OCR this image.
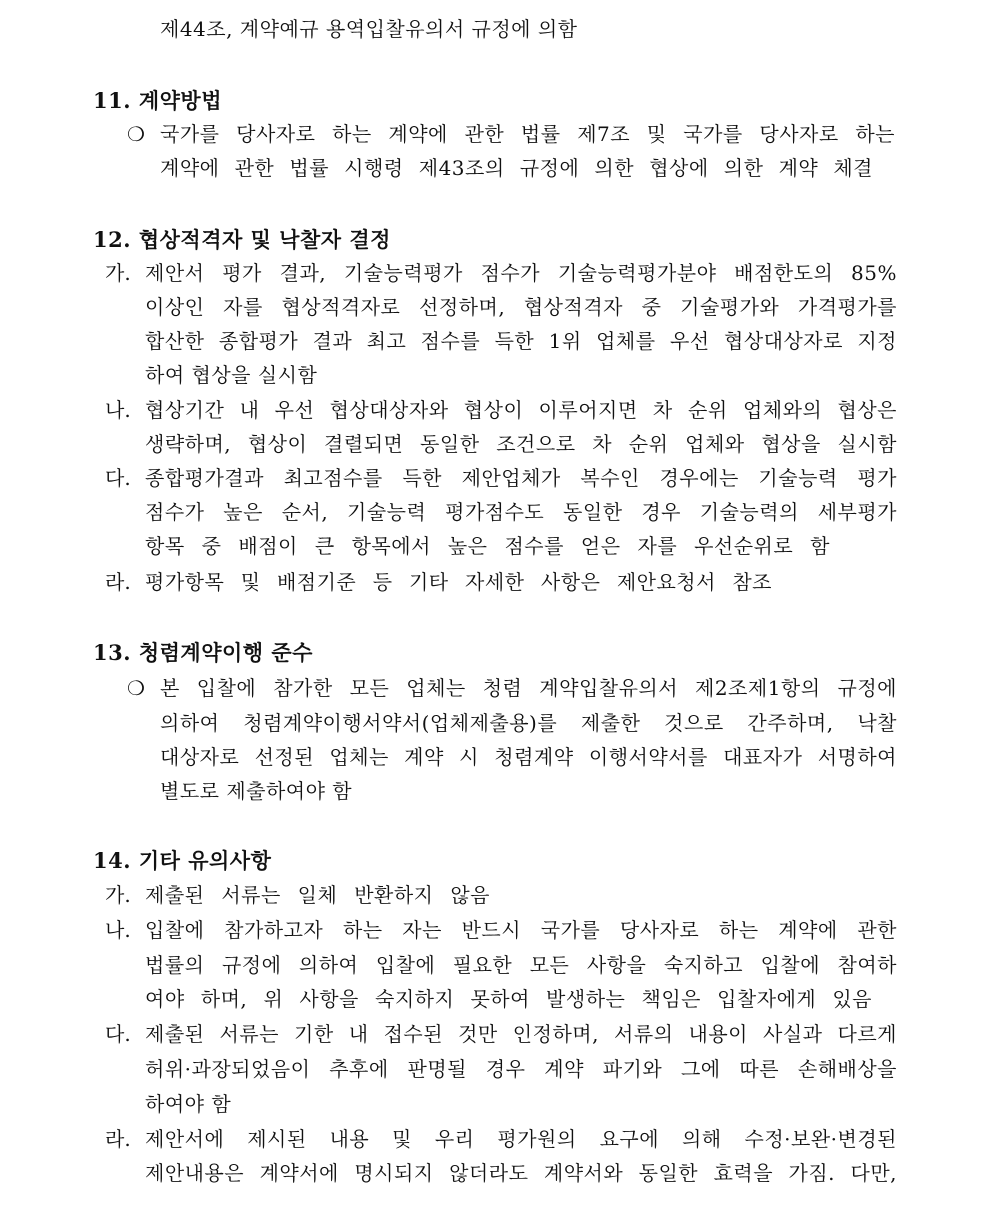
제44조, 계약예규 용역입찰유의서 규정에 의함
11. 계약방법
❍ 국가를 당사자로 하는 계약에 관한 법률 제7조 및 국가를 당사자로 하는
계약에 관한 법률 시행령 제43조의 규정에 의한 협상에 의한 계약 체결
12. 협상적격자 및 낙찰자 결정
가. 제안서 평가 결과, 기술능력평가 점수가 기술능력평가분야 배점한도의 85%
이상인 자를 협상적격자로 선정하며, 협상적격자 중 기술평가와 가격평가를
합산한 종합평가 결과 최고 점수를 득한 1위 업체를 우선 협상대상자로 지정
하여 협상을 실시함
나. 협상기간 내 우선 협상대상자와 협상이 이루어지면 차 순위 업체와의 협상은
생략하며, 협상이 결렬되면 동일한 조건으로 차 순위 업체와 협상을 실시함
다. 종합평가결과 최고점수를 득한 제안업체가 복수인 경우에는 기술능력 평가
점수가 높은 순서, 기술능력 평가점수도 동일한 경우 기술능력의 세부평가
항목 중 배점이 큰 항목에서 높은 점수를 얻은 자를 우선순위로 함
라. 평가항목 및 배점기준 등 기타 자세한 사항은 제안요청서 참조
13. 청렴계약이행 준수
❍ 본 입찰에 참가한 모든 업체는 청렴 계약입찰유의서 제2조제1항의 규정에
의하여 청렴계약이행서약서(업체제출용)를 제출한 것으로 간주하며, 낙찰
대상자로 선정된 업체는 계약 시 청렴계약 이행서약서를 대표자가 서명하여
별도로 제출하여야 함
14. 기타 유의사항
가. 제출된 서류는 일체 반환하지 않음
나. 입찰에 참가하고자 하는 자는 반드시 국가를 당사자로 하는 계약에 관한
법률의 규정에 의하여 입찰에 필요한 모든 사항을 숙지하고 입찰에 참여하
여야 하며, 위 사항을 숙지하지 못하여 발생하는 책임은 입찰자에게 있음
다. 제출된 서류는 기한 내 접수된 것만 인정하며, 서류의 내용이 사실과 다르게
허위·과장되었음이 추후에 판명될 경우 계약 파기와 그에 따른 손해배상을
하여야 함
라. 제안서에 제시된 내용 및 우리 평가원의 요구에 의해 수정·보완·변경된
제안내용은 계약서에 명시되지 않더라도 계약서와 동일한 효력을 가짐. 다만,
